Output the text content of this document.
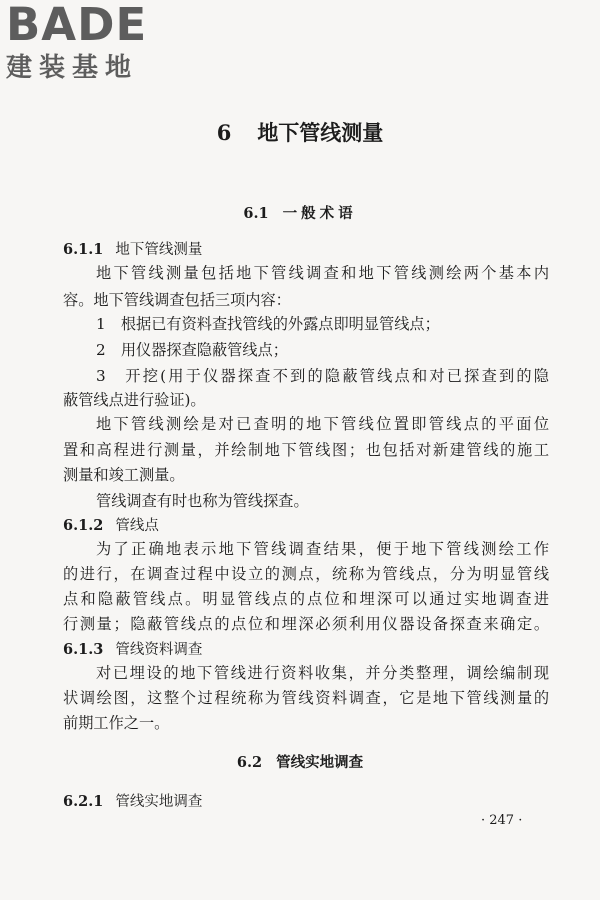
BADE
建装基地
6 地下管线测量
6.1 一般术语
6.1.1 地下管线测量
地下管线测量包括地下管线调查和地下管线测绘两个基本内
容。地下管线调查包括三项内容：
1　根据已有资料查找管线的外露点即明显管线点；
2　用仪器探查隐蔽管线点；
3　开挖(用于仪器探查不到的隐蔽管线点和对已探查到的隐
蔽管线点进行验证)。
地下管线测绘是对已查明的地下管线位置即管线点的平面位
置和高程进行测量，并绘制地下管线图；也包括对新建管线的施工
测量和竣工测量。
管线调查有时也称为管线探查。
6.1.2 管线点
为了正确地表示地下管线调查结果，便于地下管线测绘工作
的进行，在调查过程中设立的测点，统称为管线点，分为明显管线
点和隐蔽管线点。明显管线点的点位和埋深可以通过实地调查进
行测量；隐蔽管线点的点位和埋深必须利用仪器设备探查来确定。
6.1.3 管线资料调查
对已埋设的地下管线进行资料收集，并分类整理，调绘编制现
状调绘图，这整个过程统称为管线资料调查，它是地下管线测量的
前期工作之一。
6.2 管线实地调查
6.2.1 管线实地调查
· 247 ·
